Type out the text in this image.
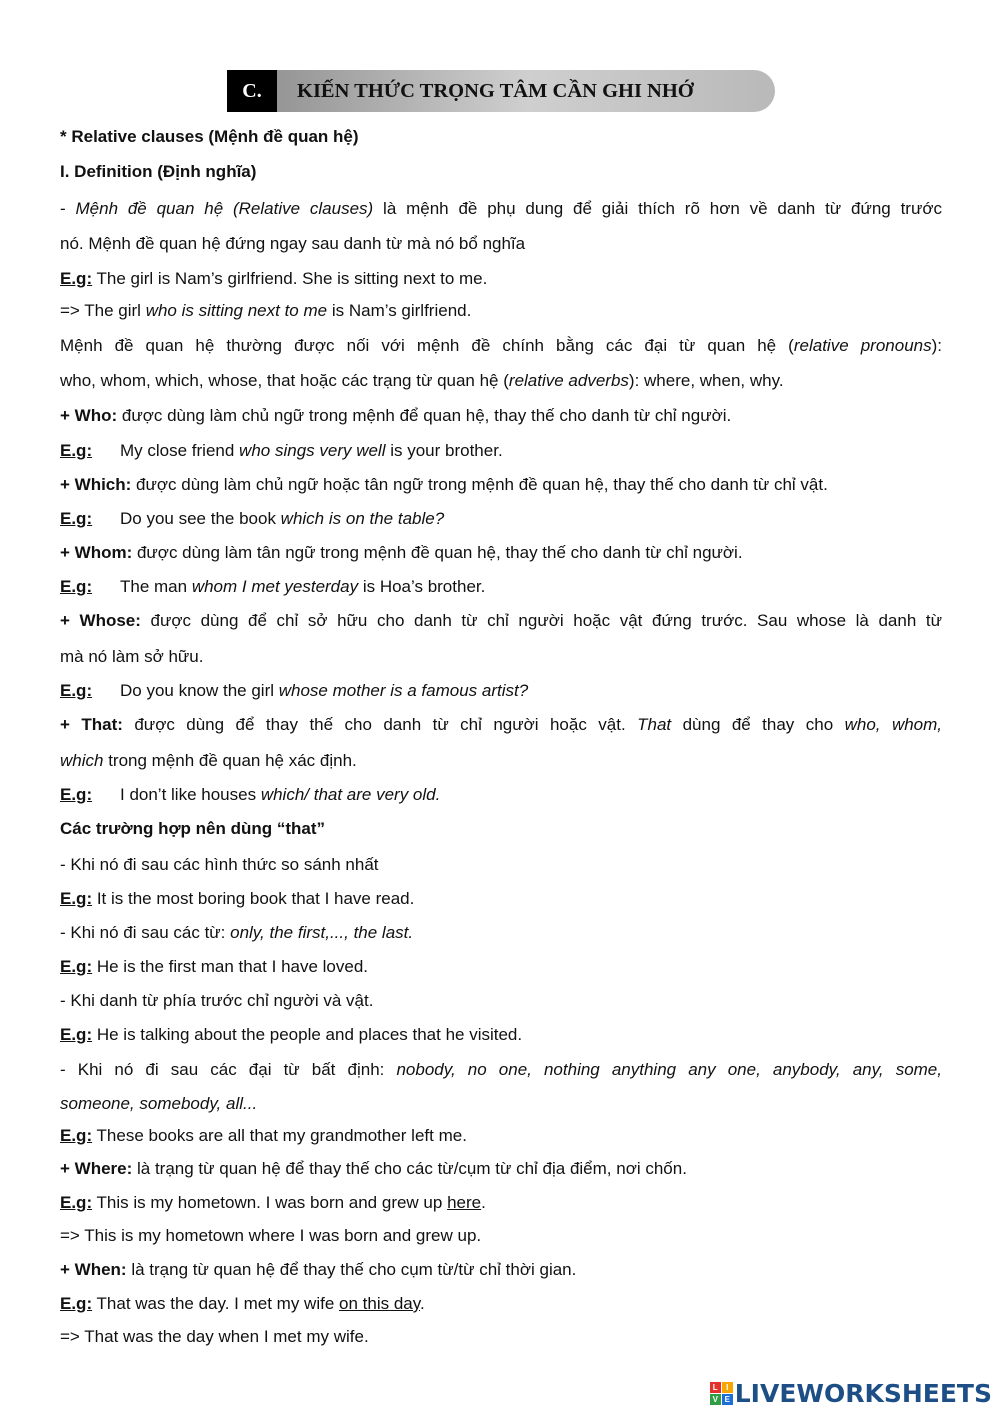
C.	KIẾN THỨC TRỌNG TÂM CẦN GHI NHỚ
* Relative clauses (Mệnh đề quan hệ)
I. Definition (Định nghĩa)
- Mệnh đề quan hệ (Relative clauses) là mệnh đề phụ dung để giải thích rõ hơn về danh từ đứng trước
nó. Mệnh đề quan hệ đứng ngay sau danh từ mà nó bổ nghĩa
E.g: The girl is Nam’s girlfriend. She is sitting next to me.
=> The girl who is sitting next to me is Nam’s girlfriend.
Mệnh đề quan hệ thường được nối với mệnh đề chính bằng các đại từ quan hệ (relative pronouns):
who, whom, which, whose, that hoặc các trạng từ quan hệ (relative adverbs): where, when, why.
+ Who: được dùng làm chủ ngữ trong mệnh để quan hệ, thay thế cho danh từ chỉ người.
E.g: My close friend who sings very well is your brother.
+ Which: được dùng làm chủ ngữ hoặc tân ngữ trong mệnh đề quan hệ, thay thế cho danh từ chỉ vật.
E.g: Do you see the book which is on the table?
+ Whom: được dùng làm tân ngữ trong mệnh đề quan hệ, thay thế cho danh từ chỉ người.
E.g: The man whom I met yesterday is Hoa’s brother.
+ Whose: được dùng để chỉ sở hữu cho danh từ chỉ người hoặc vật đứng trước. Sau whose là danh từ
mà nó làm sở hữu.
E.g: Do you know the girl whose mother is a famous artist?
+ That: được dùng để thay thế cho danh từ chỉ người hoặc vật. That dùng để thay cho who, whom,
which trong mệnh đề quan hệ xác định.
E.g: I don’t like houses which/ that are very old.
Các trường hợp nên dùng “that”
- Khi nó đi sau các hình thức so sánh nhất
E.g: It is the most boring book that I have read.
- Khi nó đi sau các từ: only, the first,..., the last.
E.g: He is the first man that I have loved.
- Khi danh từ phía trước chỉ người và vật.
E.g: He is talking about the people and places that he visited.
- Khi nó đi sau các đại từ bất định: nobody, no one, nothing anything any one, anybody, any, some,
someone, somebody, all...
E.g: These books are all that my grandmother left me.
+ Where: là trạng từ quan hệ để thay thế cho các từ/cụm từ chỉ địa điểm, nơi chốn.
E.g: This is my hometown. I was born and grew up here.
=> This is my hometown where I was born and grew up.
+ When: là trạng từ quan hệ để thay thế cho cụm từ/từ chỉ thời gian.
E.g: That was the day. I met my wife on this day.
=> That was the day when I met my wife.
L	I
V E LIVEWORKSHEETS
